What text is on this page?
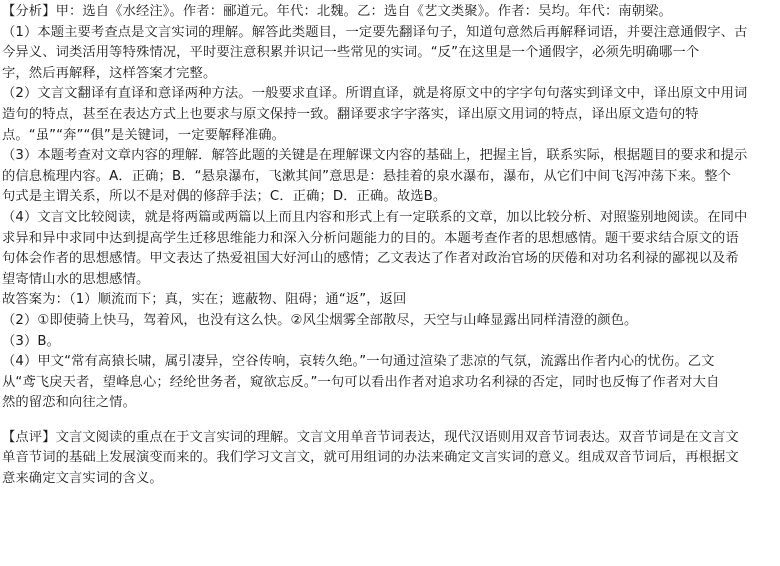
【分析】甲：选自《水经注》。作者：郦道元。年代：北魏。乙：选自《艺文类聚》。作者：吴均。年代：南朝梁。
（1）本题主要考查点是文言实词的理解。解答此类题目，一定要先翻译句子，知道句意然后再解释词语，并要注意通假字、古
今异义、词类活用等特殊情况，平时要注意积累并识记一些常见的实词。“反”在这里是一个通假字，必须先明确哪一个
字，然后再解释，这样答案才完整。
（2）文言文翻译有直译和意译两种方法。一般要求直译。所谓直译，就是将原文中的字字句句落实到译文中，译出原文中用词
造句的特点，甚至在表达方式上也要求与原文保持一致。翻译要求字字落实，译出原文用词的特点，译出原文造句的特
点。“虽”“奔”“俱”是关键词，一定要解释准确。
（3）本题考查对文章内容的理解．解答此题的关键是在理解课文内容的基础上，把握主旨，联系实际，根据题目的要求和提示
的信息梳理内容。A．正确；B．“悬泉瀑布，飞漱其间”意思是：悬挂着的泉水瀑布，瀑布，从它们中间飞泻冲荡下来。整个
句式是主谓关系，所以不是对偶的修辞手法；C．正确；D．正确。故选B。
（4）文言文比较阅读，就是将两篇或两篇以上而且内容和形式上有一定联系的文章，加以比较分析、对照鉴别地阅读。在同中
求异和异中求同中达到提高学生迁移思维能力和深入分析问题能力的目的。本题考查作者的思想感情。题干要求结合原文的语
句体会作者的思想感情。甲文表达了热爱祖国大好河山的感情；乙文表达了作者对政治官场的厌倦和对功名利禄的鄙视以及希
望寄情山水的思想感情。
故答案为：（1）顺流而下；真，实在；遮蔽物、阻碍；通“返”，返回
（2）①即使骑上快马，驾着风，也没有这么快。②风尘烟雾全部散尽，天空与山峰显露出同样清澄的颜色。
（3）B。
（4）甲文“常有高猿长啸，属引凄异，空谷传响，哀转久绝。”一句通过渲染了悲凉的气氛，流露出作者内心的忧伤。乙文
从“鸢飞戾天者，望峰息心；经纶世务者，窥欲忘反。”一句可以看出作者对追求功名利禄的否定，同时也反悔了作者对大自
然的留恋和向往之情。
【点评】文言文阅读的重点在于文言实词的理解。文言文用单音节词表达，现代汉语则用双音节词表达。双音节词是在文言文
单音节词的基础上发展演变而来的。我们学习文言文，就可用组词的办法来确定文言实词的意义。组成双音节词后，再根据文
意来确定文言实词的含义。
